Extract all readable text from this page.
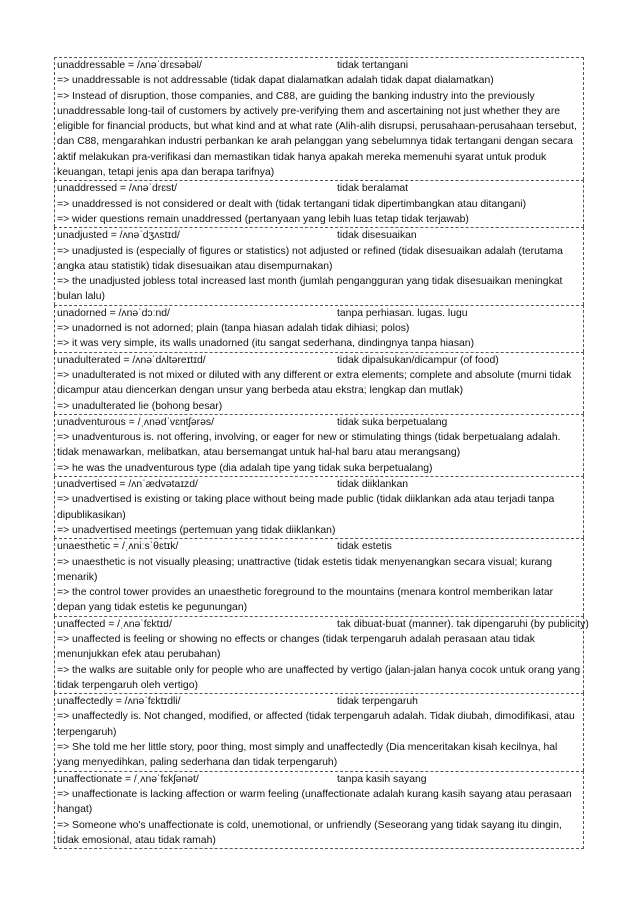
unaddressable = /ʌnəˈdrɛsəbəl/	tidak tertangani
=> unaddressable is not addressable (tidak dapat dialamatkan adalah tidak dapat dialamatkan)
=> Instead of disruption, those companies, and C88, are guiding the banking industry into the previously unaddressable long-tail of customers by actively pre-verifying them and ascertaining not just whether they are eligible for financial products, but what kind and at what rate (Alih-alih disrupsi, perusahaan-perusahaan tersebut, dan C88, mengarahkan industri perbankan ke arah pelanggan yang sebelumnya tidak tertangani dengan secara aktif melakukan pra-verifikasi dan memastikan tidak hanya apakah mereka memenuhi syarat untuk produk keuangan, tetapi jenis apa dan berapa tarifnya)
unaddressed = /ʌnəˈdrɛst/	tidak beralamat
=> unaddressed is not considered or dealt with (tidak tertangani tidak dipertimbangkan atau ditangani)
=> wider questions remain unaddressed (pertanyaan yang lebih luas tetap tidak terjawab)
unadjusted = /ʌnəˈdʒʌstɪd/	tidak disesuaikan
=> unadjusted is (especially of figures or statistics) not adjusted or refined (tidak disesuaikan adalah (terutama angka atau statistik) tidak disesuaikan atau disempurnakan)
=> the unadjusted jobless total increased last month (jumlah pengangguran yang tidak disesuaikan meningkat bulan lalu)
unadorned = /ʌnəˈdɔːnd/	tanpa perhiasan. lugas. lugu
=> unadorned is not adorned; plain (tanpa hiasan adalah tidak dihiasi; polos)
=> it was very simple, its walls unadorned (itu sangat sederhana, dindingnya tanpa hiasan)
unadulterated = /ʌnəˈdʌltəreɪtɪd/	tidak dipalsukan/dicampur (of food)
=> unadulterated is not mixed or diluted with any different or extra elements; complete and absolute (murni tidak dicampur atau diencerkan dengan unsur yang berbeda atau ekstra; lengkap dan mutlak)
=> unadulterated lie (bohong besar)
unadventurous = /ˌʌnədˈvɛntʃərəs/	tidak suka berpetualang
=> unadventurous is. not offering, involving, or eager for new or stimulating things (tidak berpetualang adalah. tidak menawarkan, melibatkan, atau bersemangat untuk hal-hal baru atau merangsang)
=> he was the unadventurous type (dia adalah tipe yang tidak suka berpetualang)
unadvertised = /ʌnˈædvətaɪzd/	tidak diiklankan
=> unadvertised is existing or taking place without being made public (tidak diiklankan ada atau terjadi tanpa dipublikasikan)
=> unadvertised meetings (pertemuan yang tidak diiklankan)
unaesthetic = /ˌʌniːsˈθɛtɪk/	tidak estetis
=> unaesthetic is not visually pleasing; unattractive (tidak estetis tidak menyenangkan secara visual; kurang menarik)
=> the control tower provides an unaesthetic foreground to the mountains (menara kontrol memberikan latar depan yang tidak estetis ke pegunungan)
unaffected = /ˌʌnəˈfɛktɪd/	tak dibuat-buat (manner). tak dipengaruhi (by publicity)
=> unaffected is feeling or showing no effects or changes (tidak terpengaruh adalah perasaan atau tidak menunjukkan efek atau perubahan)
=> the walks are suitable only for people who are unaffected by vertigo (jalan-jalan hanya cocok untuk orang yang tidak terpengaruh oleh vertigo)
unaffectedly = /ʌnəˈfɛktɪdli/	tidak terpengaruh
=> unaffectedly is. Not changed, modified, or affected (tidak terpengaruh adalah. Tidak diubah, dimodifikasi, atau terpengaruh)
=> She told me her little story, poor thing, most simply and unaffectedly (Dia menceritakan kisah kecilnya, hal yang menyedihkan, paling sederhana dan tidak terpengaruh)
unaffectionate = /ˌʌnəˈfɛkʃənət/	tanpa kasih sayang
=> unaffectionate is lacking affection or warm feeling (unaffectionate adalah kurang kasih sayang atau perasaan hangat)
=> Someone who's unaffectionate is cold, unemotional, or unfriendly (Seseorang yang tidak sayang itu dingin, tidak emosional, atau tidak ramah)
